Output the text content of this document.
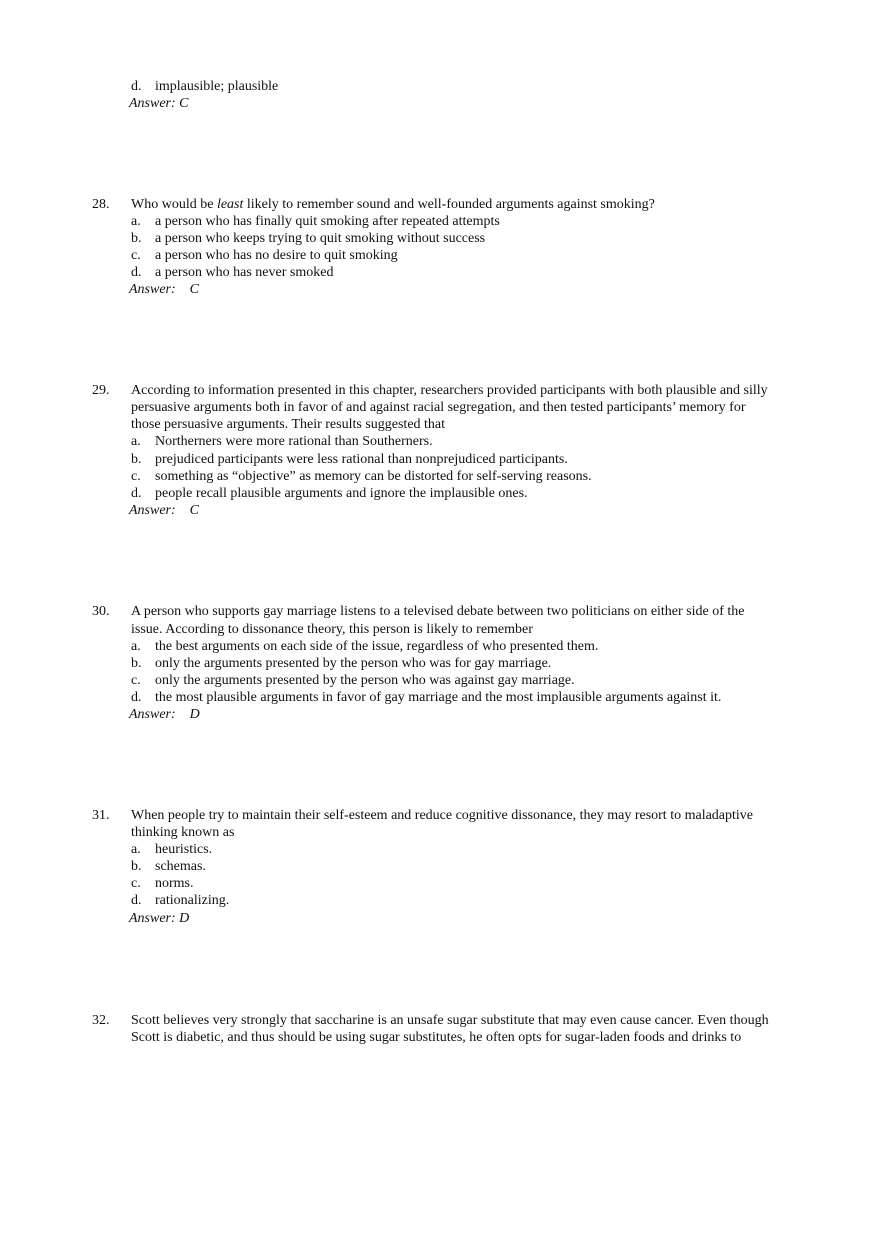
d. implausible; plausible
Answer: C
28. Who would be least likely to remember sound and well-founded arguments against smoking?
a. a person who has finally quit smoking after repeated attempts
b. a person who keeps trying to quit smoking without success
c. a person who has no desire to quit smoking
d. a person who has never smoked
Answer: C
29. According to information presented in this chapter, researchers provided participants with both plausible and silly
persuasive arguments both in favor of and against racial segregation, and then tested participants’ memory for
those persuasive arguments. Their results suggested that
a. Northerners were more rational than Southerners.
b. prejudiced participants were less rational than nonprejudiced participants.
c. something as “objective” as memory can be distorted for self-serving reasons.
d. people recall plausible arguments and ignore the implausible ones.
Answer: C
30. A person who supports gay marriage listens to a televised debate between two politicians on either side of the
issue. According to dissonance theory, this person is likely to remember
a. the best arguments on each side of the issue, regardless of who presented them.
b. only the arguments presented by the person who was for gay marriage.
c. only the arguments presented by the person who was against gay marriage.
d. the most plausible arguments in favor of gay marriage and the most implausible arguments against it.
Answer: D
31. When people try to maintain their self-esteem and reduce cognitive dissonance, they may resort to maladaptive
thinking known as
a. heuristics.
b. schemas.
c. norms.
d. rationalizing.
Answer: D
32. Scott believes very strongly that saccharine is an unsafe sugar substitute that may even cause cancer. Even though
Scott is diabetic, and thus should be using sugar substitutes, he often opts for sugar-laden foods and drinks to
